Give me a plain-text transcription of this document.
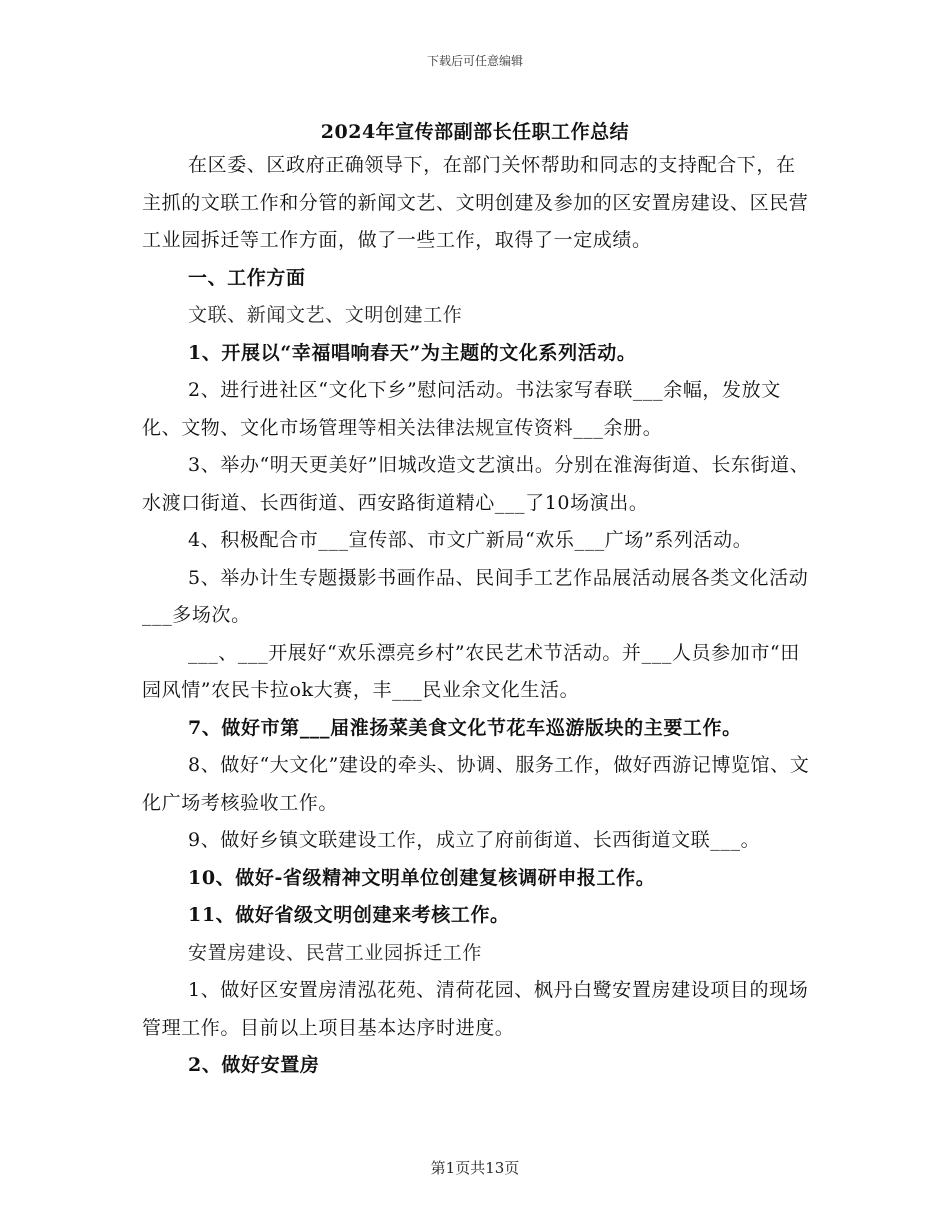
下载后可任意编辑
2024年宣传部副部长任职工作总结

在区委、区政府正确领导下，在部门关怀帮助和同志的支持配合下，在主抓的文联工作和分管的新闻文艺、文明创建及参加的区安置房建设、区民营工业园拆迁等工作方面，做了一些工作，取得了一定成绩。

一、工作方面

文联、新闻文艺、文明创建工作

1、开展以“幸福唱响春天”为主题的文化系列活动。

2、进行进社区“文化下乡”慰问活动。书法家写春联___余幅，发放文化、文物、文化市场管理等相关法律法规宣传资料___余册。

3、举办“明天更美好”旧城改造文艺演出。分别在淮海街道、长东街道、水渡口街道、长西街道、西安路街道精心___了10场演出。

4、积极配合市___宣传部、市文广新局“欢乐___广场”系列活动。

5、举办计生专题摄影书画作品、民间手工艺作品展活动展各类文化活动___多场次。

___、___开展好“欢乐漂亮乡村”农民艺术节活动。并___人员参加市“田园风情”农民卡拉ok大赛，丰___民业余文化生活。

7、做好市第___届淮扬菜美食文化节花车巡游版块的主要工作。

8、做好“大文化”建设的牵头、协调、服务工作，做好西游记博览馆、文化广场考核验收工作。

9、做好乡镇文联建设工作，成立了府前街道、长西街道文联___。

10、做好-省级精神文明单位创建复核调研申报工作。

11、做好省级文明创建来考核工作。

安置房建设、民营工业园拆迁工作

1、做好区安置房清泓花苑、清荷花园、枫丹白鹭安置房建设项目的现场管理工作。目前以上项目基本达序时进度。

2、做好安置房

第1页共13页
